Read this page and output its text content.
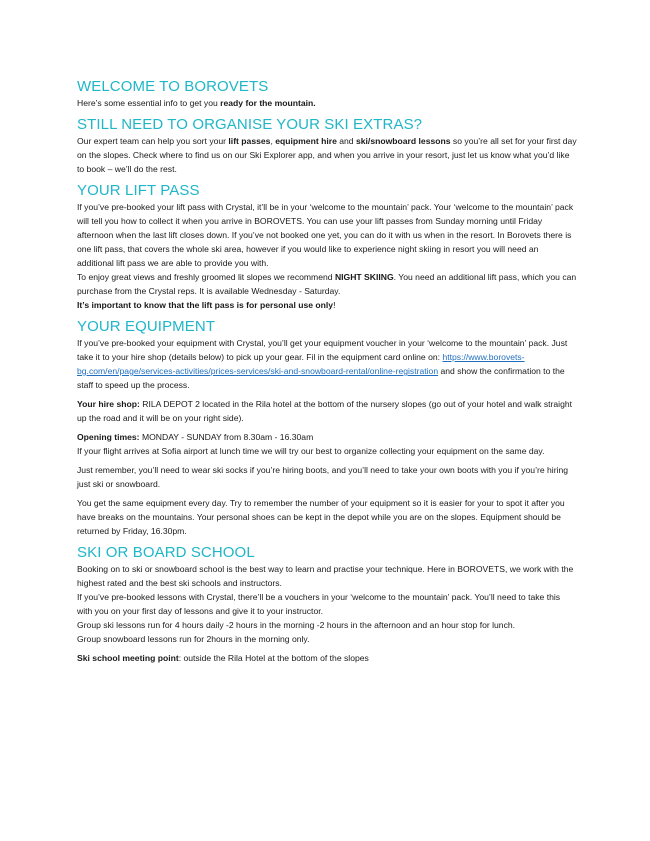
WELCOME TO BOROVETS

Here’s some essential info to get you ready for the mountain.

STILL NEED TO ORGANISE YOUR SKI EXTRAS?

Our expert team can help you sort your lift passes, equipment hire and ski/snowboard lessons so you’re all set for your first day on the slopes. Check where to find us on our Ski Explorer app, and when you arrive in your resort, just let us know what you’d like to book – we’ll do the rest.

YOUR LIFT PASS

If you’ve pre-booked your lift pass with Crystal, it’ll be in your ‘welcome to the mountain’ pack. Your ‘welcome to the mountain’ pack will tell you how to collect it when you arrive in BOROVETS. You can use your lift passes from Sunday morning until Friday afternoon when the last lift closes down. If you’ve not booked one yet, you can do it with us when in the resort. In Borovets there is one lift pass, that covers the whole ski area, however if you would like to experience night skiing in resort you will need an additional lift pass we are able to provide you with.

To enjoy great views and freshly groomed lit slopes we recommend NIGHT SKIING. You need an additional lift pass, which you can purchase from the Crystal reps. It is available Wednesday - Saturday.

It’s important to know that the lift pass is for personal use only!

YOUR EQUIPMENT

If you’ve pre-booked your equipment with Crystal, you’ll get your equipment voucher in your ‘welcome to the mountain’ pack. Just take it to your hire shop (details below) to pick up your gear. Fil in the equipment card online on: https://www.borovets-bg.com/en/page/services-activities/prices-services/ski-and-snowboard-rental/online-registration and show the confirmation to the staff to speed up the process.

Your hire shop: RILA DEPOT 2 located in the Rila hotel at the bottom of the nursery slopes (go out of your hotel and walk straight up the road and it will be on your right side).

Opening times: MONDAY - SUNDAY from 8.30am - 16.30am

If your flight arrives at Sofia airport at lunch time we will try our best to organize collecting your equipment on the same day.

Just remember, you’ll need to wear ski socks if you’re hiring boots, and you’ll need to take your own boots with you if you’re hiring just ski or snowboard.

You get the same equipment every day. Try to remember the number of your equipment so it is easier for your to spot it after you have breaks on the mountains. Your personal shoes can be kept in the depot while you are on the slopes. Equipment should be returned by Friday, 16.30pm.

SKI OR BOARD SCHOOL

Booking on to ski or snowboard school is the best way to learn and practise your technique. Here in BOROVETS, we work with the highest rated and the best ski schools and instructors.

If you’ve pre-booked lessons with Crystal, there’ll be a vouchers in your ‘welcome to the mountain’ pack. You’ll need to take this with you on your first day of lessons and give it to your instructor.

Group ski lessons run for 4 hours daily -2 hours in the morning -2 hours in the afternoon and an hour stop for lunch.

Group snowboard lessons run for 2hours in the morning only.

Ski school meeting point: outside the Rila Hotel at the bottom of the slopes
